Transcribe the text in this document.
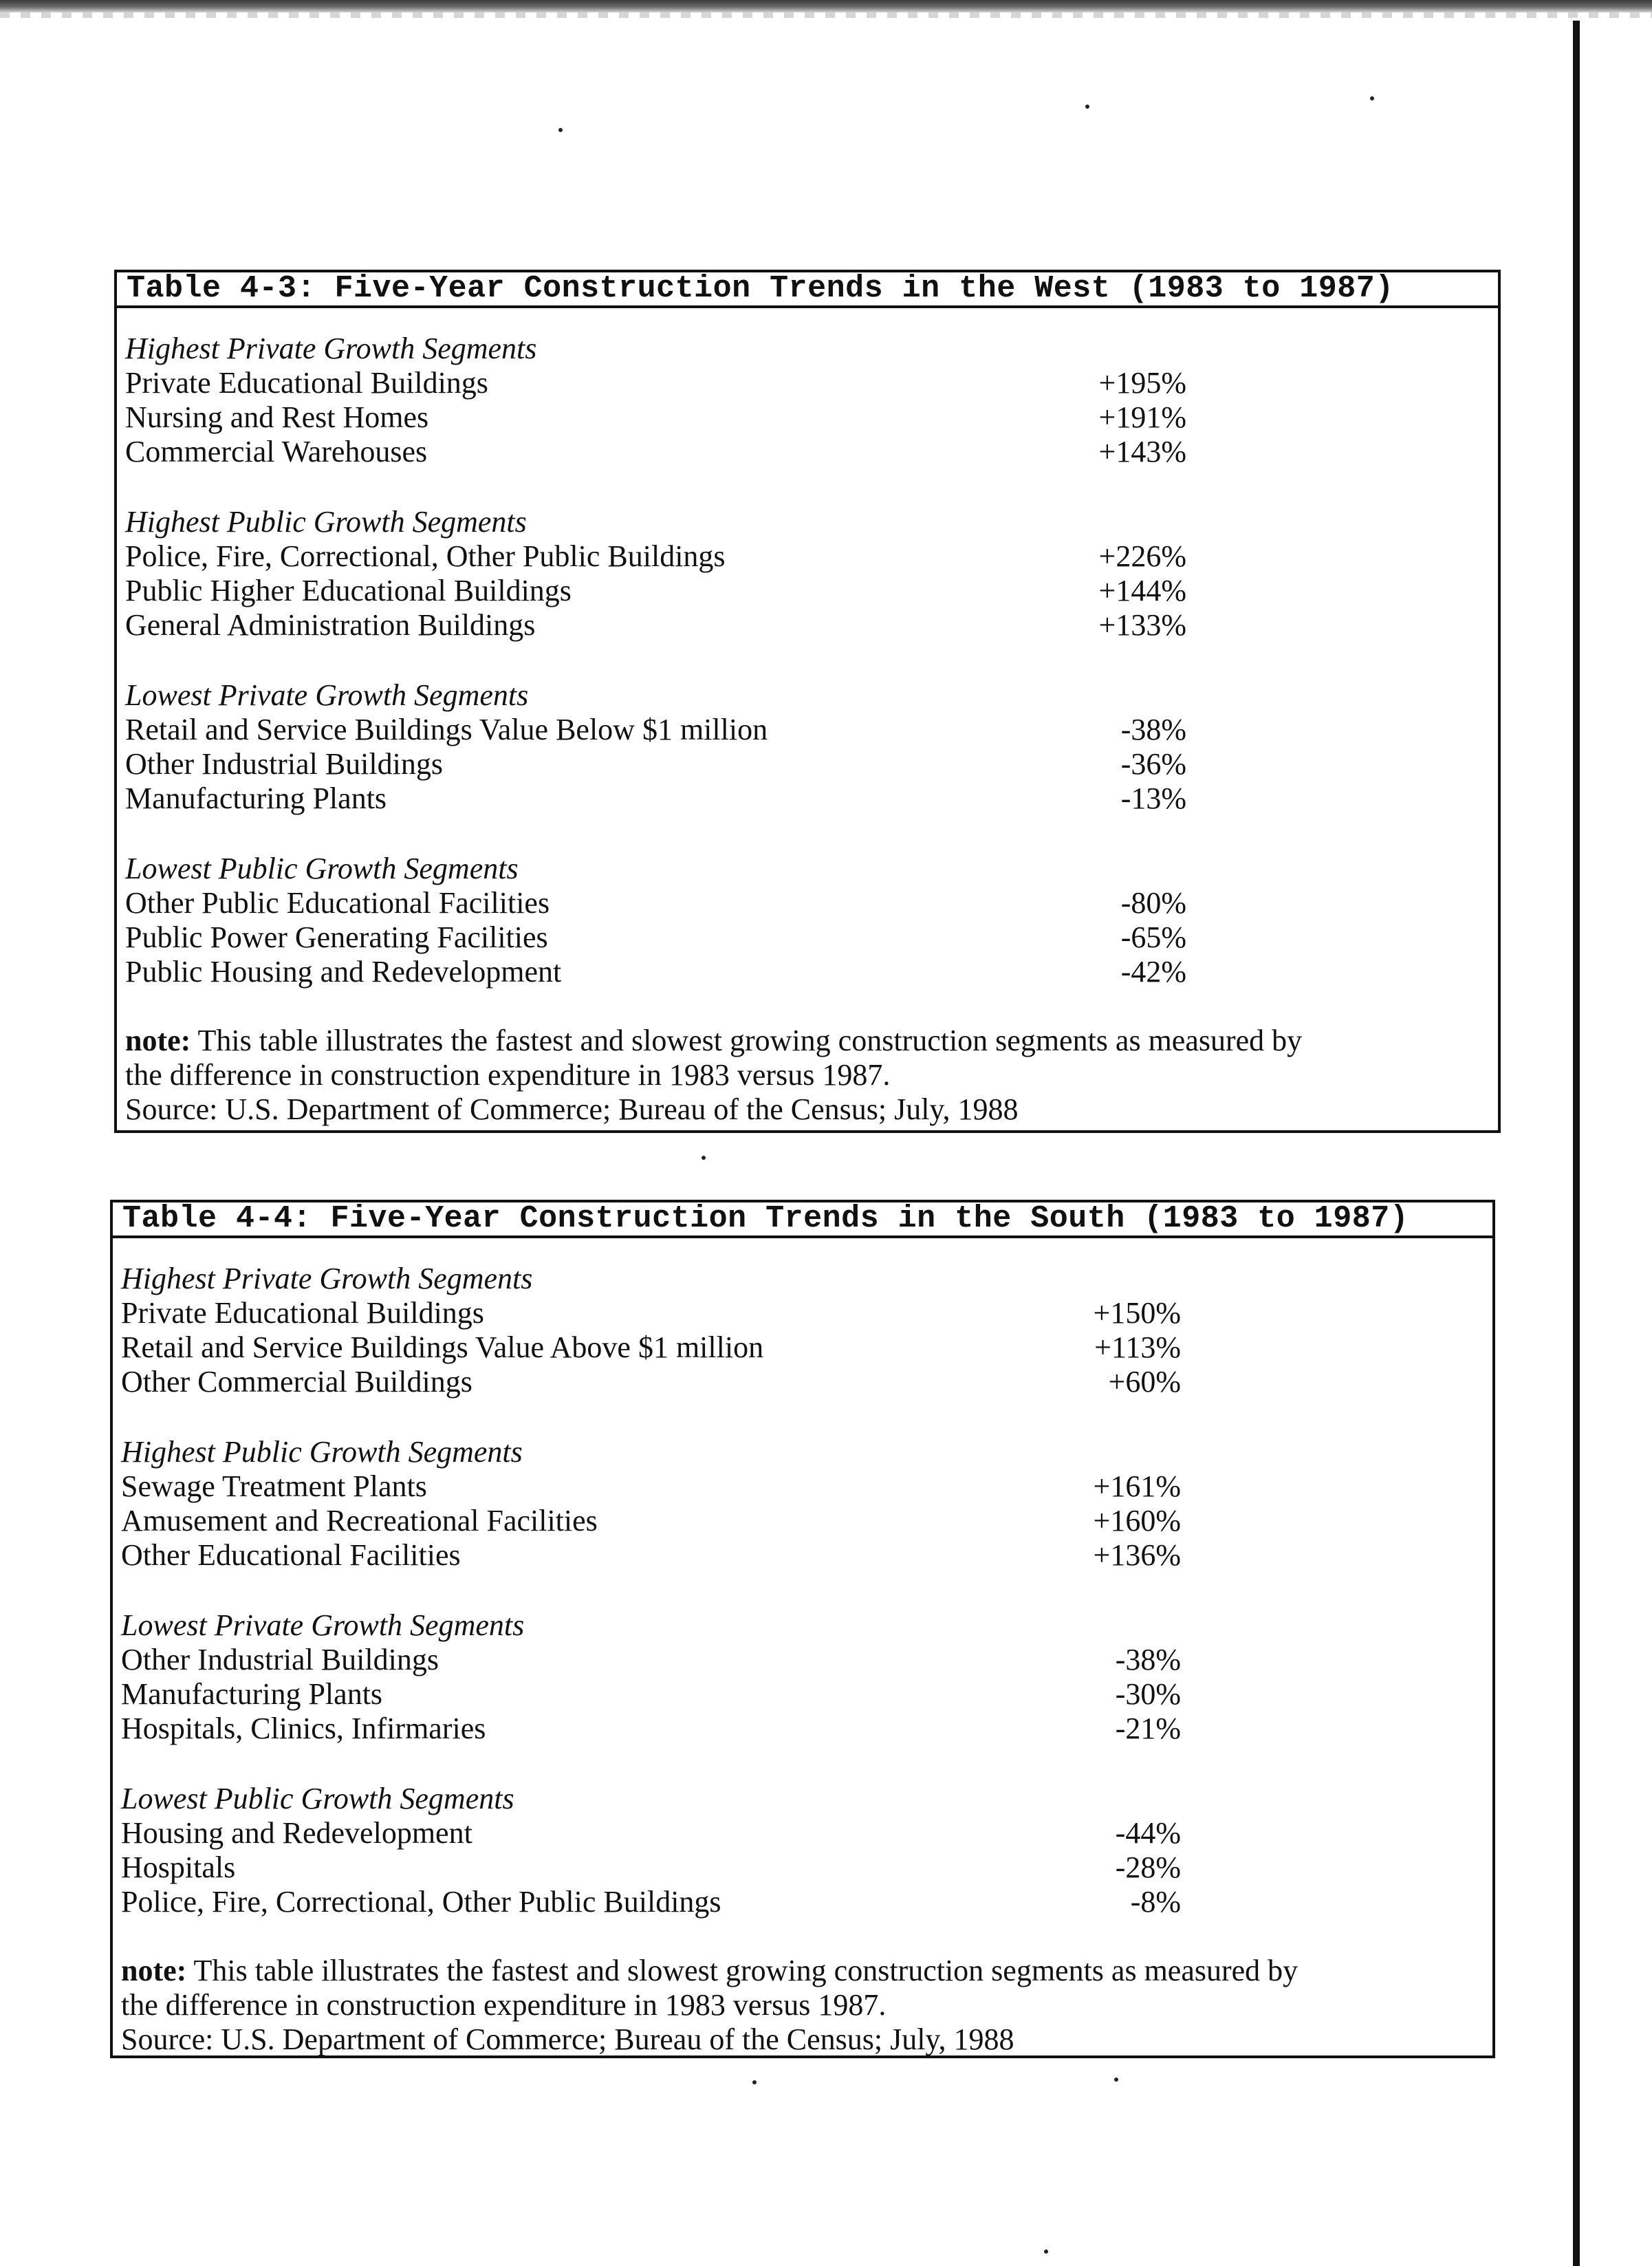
Table 4-3: Five-Year Construction Trends in the West (1983 to 1987)
Highest Private Growth Segments
Private Educational Buildings	+195%
Nursing and Rest Homes	+191%
Commercial Warehouses	+143%
Highest Public Growth Segments
Police, Fire, Correctional, Other Public Buildings	+226%
Public Higher Educational Buildings	+144%
General Administration Buildings	+133%
Lowest Private Growth Segments
Retail and Service Buildings Value Below $1 million	-38%
Other Industrial Buildings	-36%
Manufacturing Plants	-13%
Lowest Public Growth Segments
Other Public Educational Facilities	-80%
Public Power Generating Facilities	-65%
Public Housing and Redevelopment	-42%
note: This table illustrates the fastest and slowest growing construction segments as measured by
the difference in construction expenditure in 1983 versus 1987.
Source: U.S. Department of Commerce; Bureau of the Census; July, 1988
Table 4-4: Five-Year Construction Trends in the South (1983 to 1987)
Highest Private Growth Segments
Private Educational Buildings	+150%
Retail and Service Buildings Value Above $1 million	+113%
Other Commercial Buildings	+60%
Highest Public Growth Segments
Sewage Treatment Plants	+161%
Amusement and Recreational Facilities	+160%
Other Educational Facilities	+136%
Lowest Private Growth Segments
Other Industrial Buildings	-38%
Manufacturing Plants	-30%
Hospitals, Clinics, Infirmaries	-21%
Lowest Public Growth Segments
Housing and Redevelopment	-44%
Hospitals	-28%
Police, Fire, Correctional, Other Public Buildings	-8%
note: This table illustrates the fastest and slowest growing construction segments as measured by
the difference in construction expenditure in 1983 versus 1987.
Source: U.S. Department of Commerce; Bureau of the Census; July, 1988
